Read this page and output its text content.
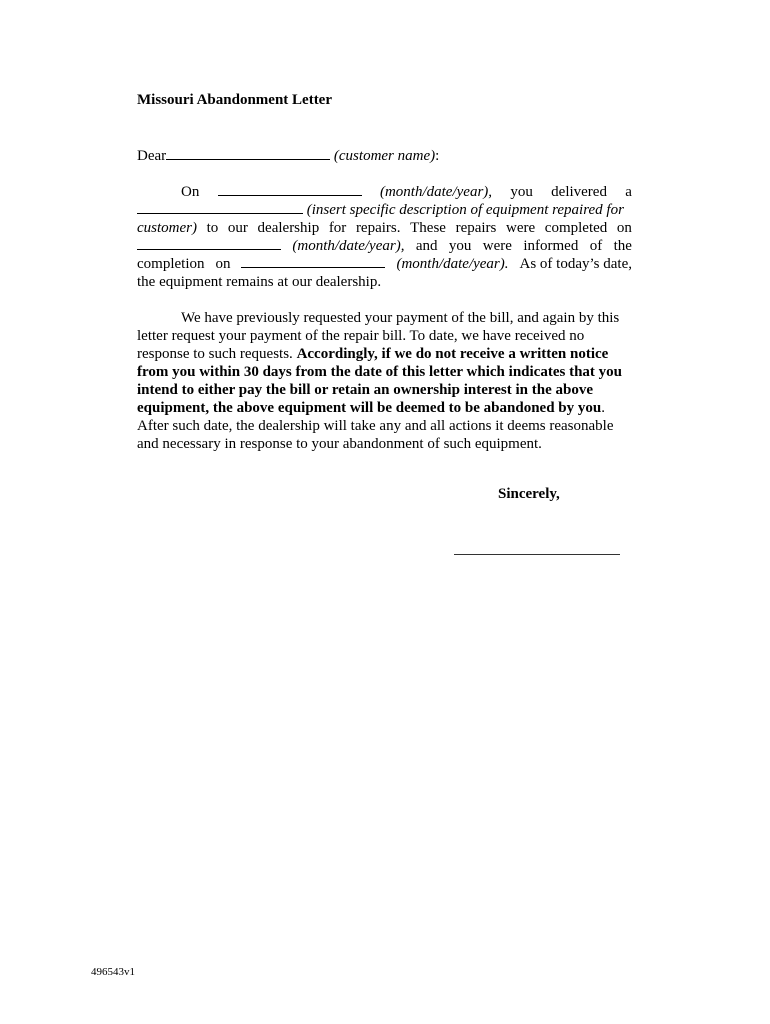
Missouri Abandonment Letter
Dear	(customer name):
On	(month/date/year), you delivered a
(insert specific description of equipment repaired for
customer) to our dealership for repairs. These repairs were completed on
(month/date/year), and you were informed of the
completion on	(month/date/year). As of today’s date,
the equipment remains at our dealership.
We have previously requested your payment of the bill, and again by this
letter request your payment of the repair bill. To date, we have received no
response to such requests. Accordingly, if we do not receive a written notice
from you within 30 days from the date of this letter which indicates that you
intend to either pay the bill or retain an ownership interest in the above
equipment, the above equipment will be deemed to be abandoned by you.
After such date, the dealership will take any and all actions it deems reasonable
and necessary in response to your abandonment of such equipment.
Sincerely,
496543v1
